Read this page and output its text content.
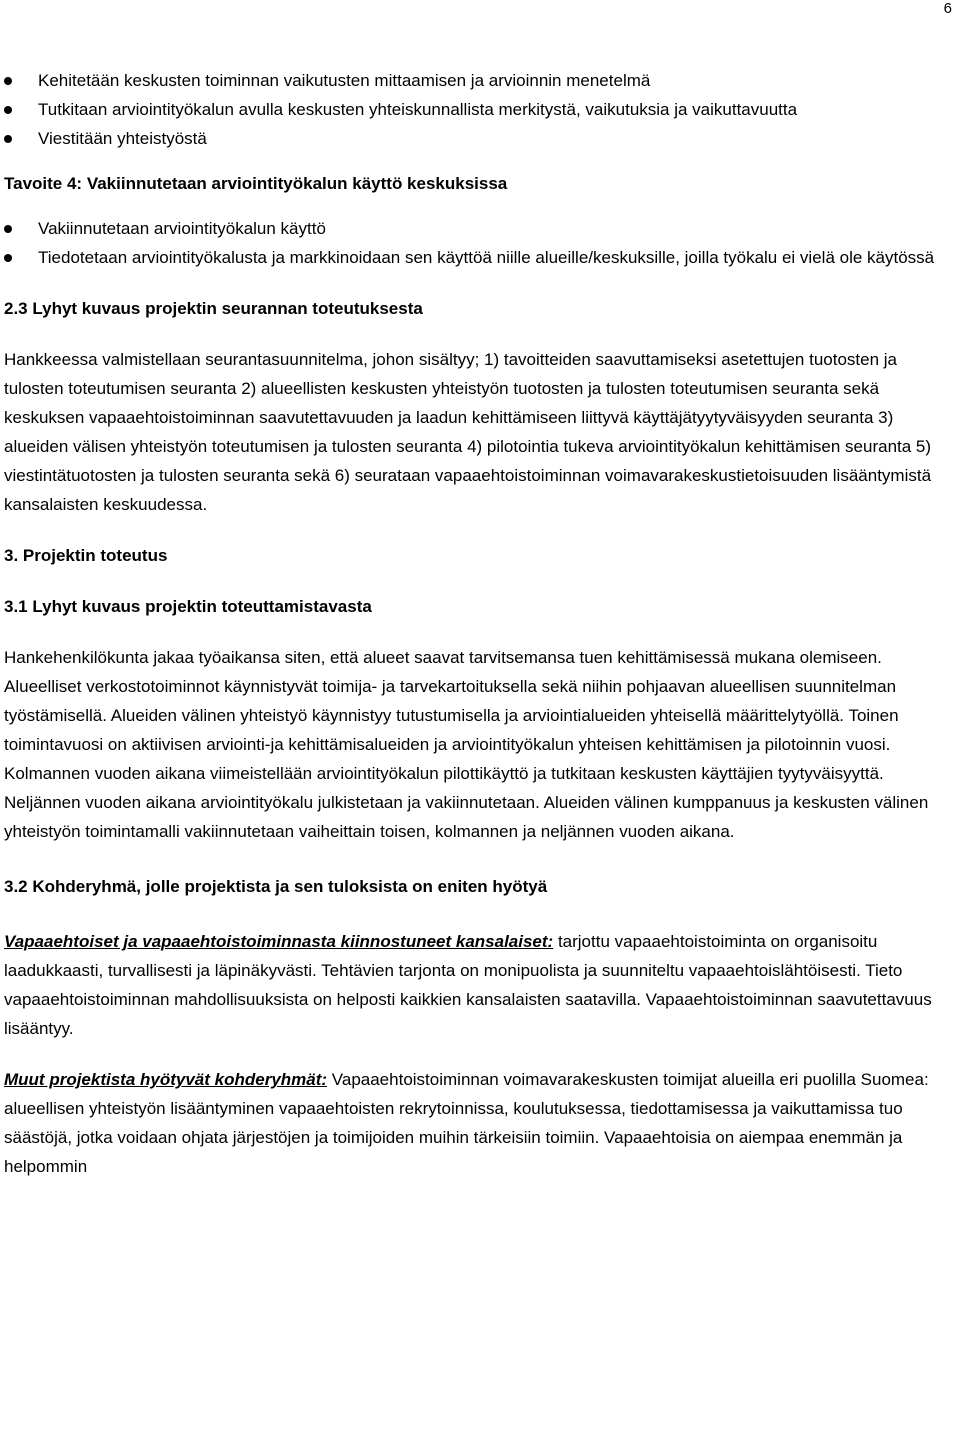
6
Kehitetään keskusten toiminnan vaikutusten mittaamisen ja arvioinnin menetelmä
Tutkitaan arviointityökalun avulla keskusten yhteiskunnallista merkitystä, vaikutuksia ja vaikuttavuutta
Viestitään yhteistyöstä

Tavoite 4: Vakiinnutetaan arviointityökalun käyttö keskuksissa

Vakiinnutetaan arviointityökalun käyttö
Tiedotetaan arviointityökalusta ja markkinoidaan sen käyttöä niille alueille/keskuksille, joilla työkalu ei vielä ole käytössä

2.3 Lyhyt kuvaus projektin seurannan toteutuksesta

Hankkeessa valmistellaan seurantasuunnitelma, johon sisältyy; 1) tavoitteiden saavuttamiseksi asetettujen tuotosten ja tulosten toteutumisen seuranta 2) alueellisten keskusten yhteistyön tuotosten ja tulosten toteutumisen seuranta sekä keskuksen vapaaehtoistoiminnan saavutettavuuden ja laadun kehittämiseen liittyvä käyttäjätyytyväisyyden seuranta 3) alueiden välisen yhteistyön toteutumisen ja tulosten seuranta 4) pilotointia tukeva arviointityökalun kehittämisen seuranta 5) viestintätuotosten ja tulosten seuranta sekä 6) seurataan vapaaehtoistoiminnan voimavarakeskustietoisuuden lisääntymistä kansalaisten keskuudessa.

3. Projektin toteutus

3.1 Lyhyt kuvaus projektin toteuttamistavasta

Hankehenkilökunta jakaa työaikansa siten, että alueet saavat tarvitsemansa tuen kehittämisessä mukana olemiseen. Alueelliset verkostotoiminnot käynnistyvät toimija- ja tarvekartoituksella sekä niihin pohjaavan alueellisen suunnitelman työstämisellä. Alueiden välinen yhteistyö käynnistyy tutustumisella ja arviointialueiden yhteisellä määrittelytyöllä. Toinen toimintavuosi on aktiivisen arviointi-ja kehittämisalueiden ja arviointityökalun yhteisen kehittämisen ja pilotoinnin vuosi. Kolmannen vuoden aikana viimeistellään arviointityökalun pilottikäyttö ja tutkitaan keskusten käyttäjien tyytyväisyyttä. Neljännen vuoden aikana arviointityökalu julkistetaan ja vakiinnutetaan. Alueiden välinen kumppanuus ja keskusten välinen yhteistyön toimintamalli vakiinnutetaan vaiheittain toisen, kolmannen ja neljännen vuoden aikana.

3.2 Kohderyhmä, jolle projektista ja sen tuloksista on eniten hyötyä

Vapaaehtoiset ja vapaaehtoistoiminnasta kiinnostuneet kansalaiset: tarjottu vapaaehtoistoiminta on organisoitu laadukkaasti, turvallisesti ja läpinäkyvästi. Tehtävien tarjonta on monipuolista ja suunniteltu vapaaehtoislähtöisesti. Tieto vapaaehtoistoiminnan mahdollisuuksista on helposti kaikkien kansalaisten saatavilla. Vapaaehtoistoiminnan saavutettavuus lisääntyy.

Muut projektista hyötyvät kohderyhmät: Vapaaehtoistoiminnan voimavarakeskusten toimijat alueilla eri puolilla Suomea: alueellisen yhteistyön lisääntyminen vapaaehtoisten rekrytoinnissa, koulutuksessa, tiedottamisessa ja vaikuttamissa tuo säästöjä, jotka voidaan ohjata järjestöjen ja toimijoiden muihin tärkeisiin toimiin. Vapaaehtoisia on aiempaa enemmän ja helpommin
